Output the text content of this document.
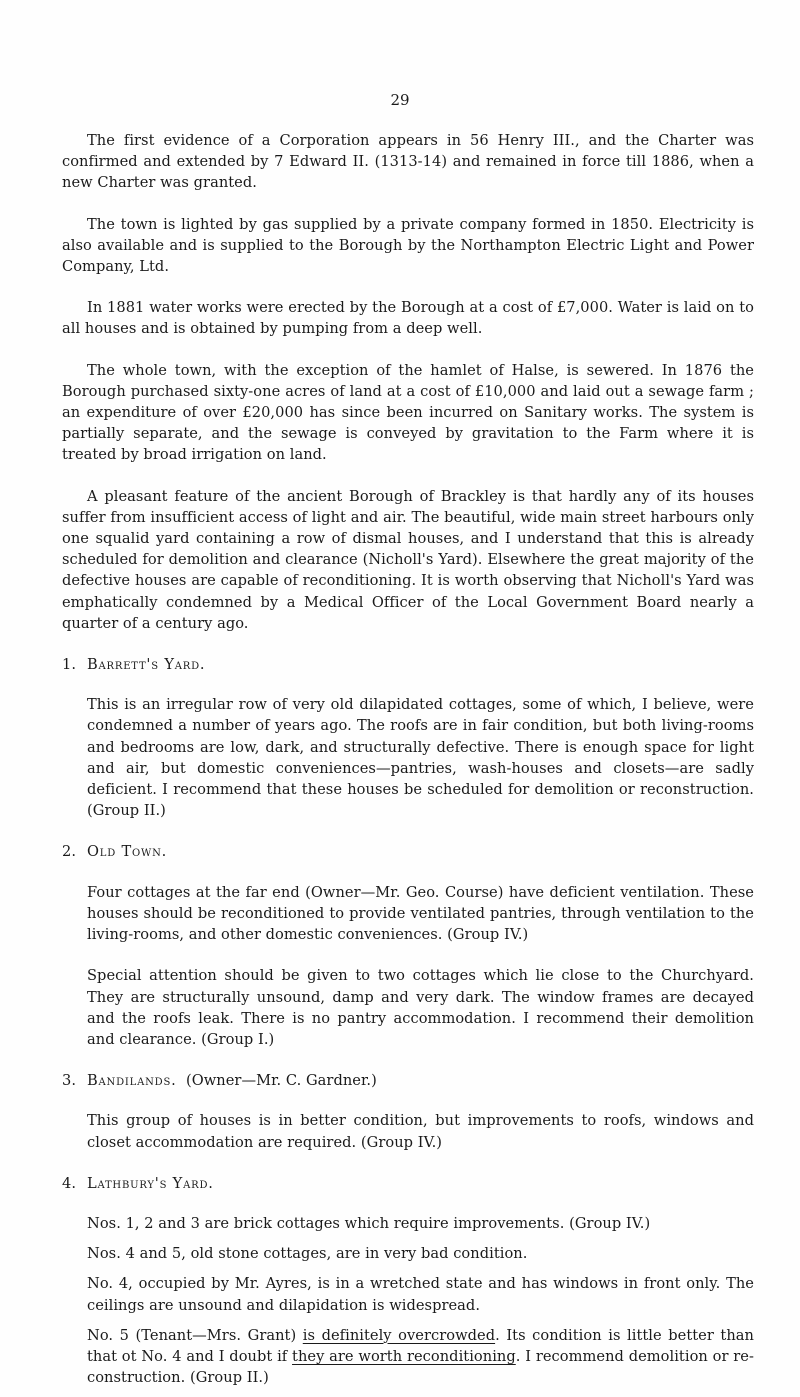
29

The first evidence of a Corporation appears in 56 Henry III., and the Charter was confirmed and extended by 7 Edward II. (1313-14) and remained in force till 1886, when a new Charter was granted.

The town is lighted by gas supplied by a private company formed in 1850. Electricity is also available and is supplied to the Borough by the Northampton Electric Light and Power Company, Ltd.

In 1881 water works were erected by the Borough at a cost of £7,000. Water is laid on to all houses and is obtained by pumping from a deep well.

The whole town, with the exception of the hamlet of Halse, is sewered. In 1876 the Borough purchased sixty-one acres of land at a cost of £10,000 and laid out a sewage farm ; an expenditure of over £20,000 has since been incurred on Sanitary works. The system is partially separate, and the sewage is conveyed by gravitation to the Farm where it is treated by broad irrigation on land.

A pleasant feature of the ancient Borough of Brackley is that hardly any of its houses suffer from insufficient access of light and air. The beautiful, wide main street harbours only one squalid yard containing a row of dismal houses, and I understand that this is already scheduled for demolition and clearance (Nicholl's Yard). Elsewhere the great majority of the defective houses are capable of reconditioning. It is worth observing that Nicholl's Yard was emphatically condemned by a Medical Officer of the Local Government Board nearly a quarter of a century ago.

1. Barrett's Yard.

This is an irregular row of very old dilapidated cottages, some of which, I believe, were condemned a number of years ago. The roofs are in fair condition, but both living-rooms and bedrooms are low, dark, and structurally defective. There is enough space for light and air, but domestic conveniences—pantries, wash-houses and closets—are sadly deficient. I recommend that these houses be scheduled for demolition or reconstruction. (Group II.)

2. Old Town.

Four cottages at the far end (Owner—Mr. Geo. Course) have deficient ventilation. These houses should be reconditioned to provide ventilated pantries, through ventilation to the living-rooms, and other domestic conveniences. (Group IV.)

Special attention should be given to two cottages which lie close to the Churchyard. They are structurally unsound, damp and very dark. The window frames are decayed and the roofs leak. There is no pantry accommodation. I recommend their demolition and clearance. (Group I.)

3. Bandilands. (Owner—Mr. C. Gardner.)

This group of houses is in better condition, but improvements to roofs, windows and closet accommodation are required. (Group IV.)

4. Lathbury's Yard.

Nos. 1, 2 and 3 are brick cottages which require improvements. (Group IV.)

Nos. 4 and 5, old stone cottages, are in very bad condition.

No. 4, occupied by Mr. Ayres, is in a wretched state and has windows in front only. The ceilings are unsound and dilapidation is widespread.

No. 5 (Tenant—Mrs. Grant) is definitely overcrowded. Its condition is little better than that ot No. 4 and I doubt if they are worth reconditioning. I recommend demolition or re-construction. (Group II.)
